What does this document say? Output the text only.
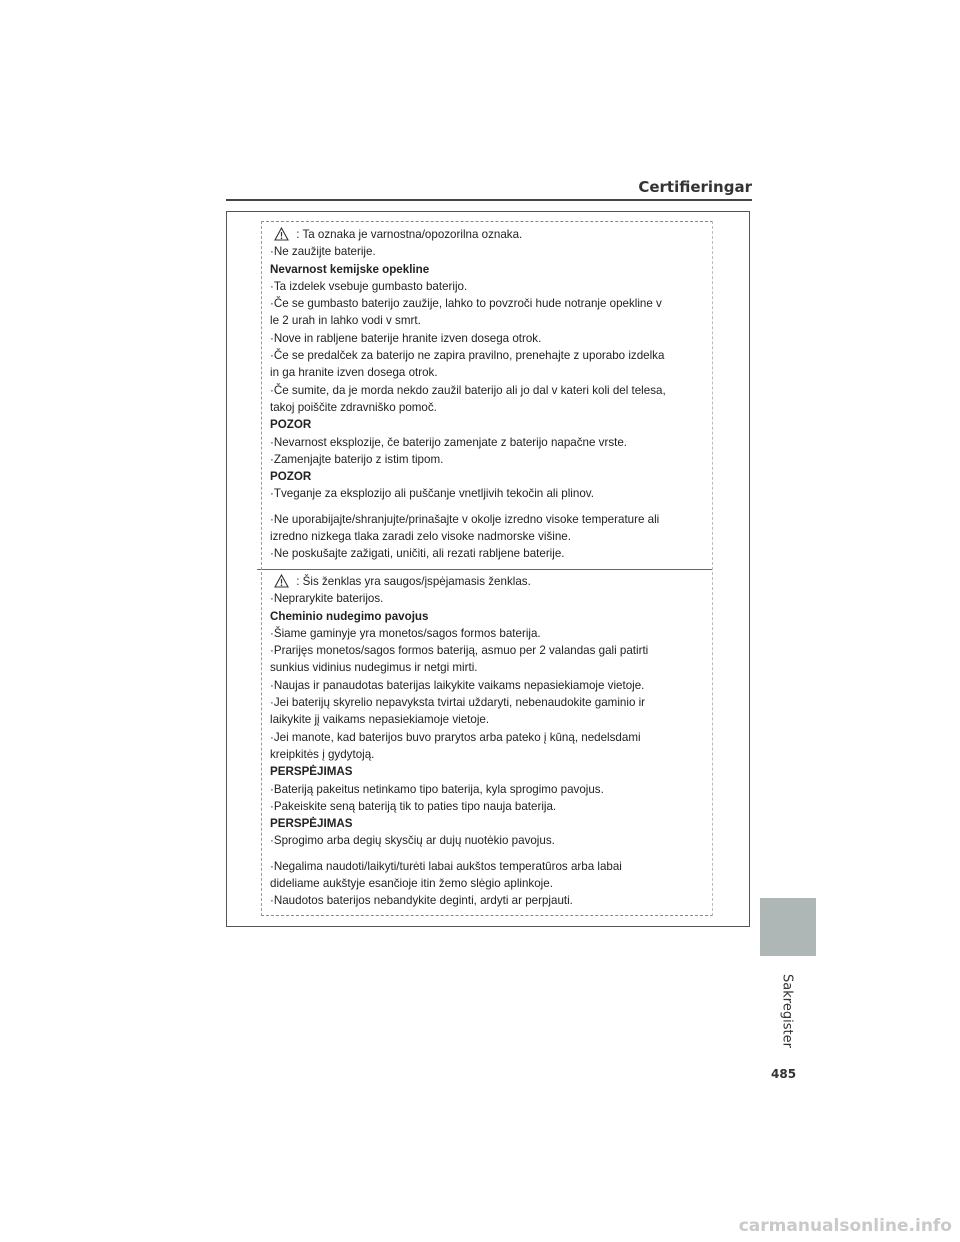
Certifieringar
: Ta oznaka je varnostna/opozorilna oznaka.
·Ne zaužijte baterije.
Nevarnost kemijske opekline
·Ta izdelek vsebuje gumbasto baterijo.
·Če se gumbasto baterijo zaužije, lahko to povzroči hude notranje opekline v
le 2 urah in lahko vodi v smrt.
·Nove in rabljene baterije hranite izven dosega otrok.
·Če se predalček za baterijo ne zapira pravilno, prenehajte z uporabo izdelka
in ga hranite izven dosega otrok.
·Če sumite, da je morda nekdo zaužil baterijo ali jo dal v kateri koli del telesa,
takoj poiščite zdravniško pomoč.
POZOR
·Nevarnost eksplozije, če baterijo zamenjate z baterijo napačne vrste.
·Zamenjajte baterijo z istim tipom.
POZOR
·Tveganje za eksplozijo ali puščanje vnetljivih tekočin ali plinov.
·Ne uporabijajte/shranjujte/prinašajte v okolje izredno visoke temperature ali
izredno nizkega tlaka zaradi zelo visoke nadmorske višine.
·Ne poskušajte zažigati, uničiti, ali rezati rabljene baterije.
: Šis ženklas yra saugos/įspėjamasis ženklas.
·Neprarykite baterijos.
Cheminio nudegimo pavojus
·Šiame gaminyje yra monetos/sagos formos baterija.
·Prarijęs monetos/sagos formos bateriją, asmuo per 2 valandas gali patirti
sunkius vidinius nudegimus ir netgi mirti.
·Naujas ir panaudotas baterijas laikykite vaikams nepasiekiamoje vietoje.
·Jei baterijų skyrelio nepavyksta tvirtai uždaryti, nebenaudokite gaminio ir
laikykite jį vaikams nepasiekiamoje vietoje.
·Jei manote, kad baterijos buvo prarytos arba pateko į kūną, nedelsdami
kreipkitės į gydytoją.
PERSPĖJIMAS
·Bateriją pakeitus netinkamo tipo baterija, kyla sprogimo pavojus.
·Pakeiskite seną bateriją tik to paties tipo nauja baterija.
PERSPĖJIMAS
·Sprogimo arba degių skysčių ar dujų nuotėkio pavojus.
·Negalima naudoti/laikyti/turėti labai aukštos temperatūros arba labai
dideliame aukštyje esančioje itin žemo slėgio aplinkoje.
·Naudotos baterijos nebandykite deginti, ardyti ar perpjauti.
Sakregister
485
carmanualsonline.info
